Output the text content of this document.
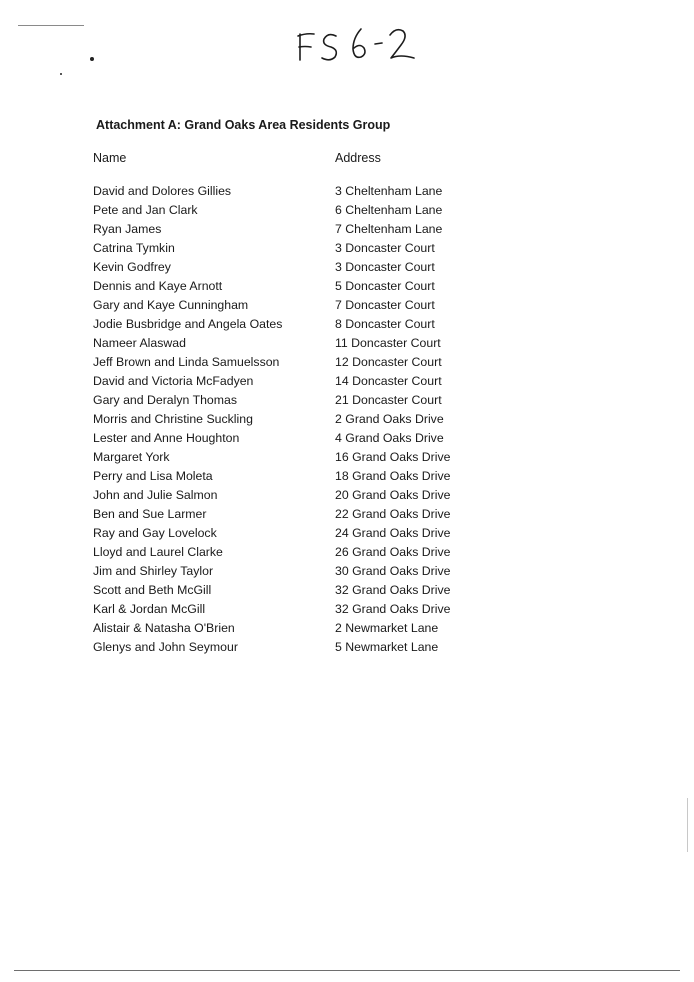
Attachment A: Grand Oaks Area Residents Group
Name	Address
David and Dolores Gillies	3 Cheltenham Lane
Pete and Jan Clark	6 Cheltenham Lane
Ryan James	7 Cheltenham Lane
Catrina Tymkin	3 Doncaster Court
Kevin Godfrey	3 Doncaster Court
Dennis and Kaye Arnott	5 Doncaster Court
Gary and Kaye Cunningham	7 Doncaster Court
Jodie Busbridge and Angela Oates	8 Doncaster Court
Nameer Alaswad	11 Doncaster Court
Jeff Brown and Linda Samuelsson	12 Doncaster Court
David and Victoria McFadyen	14 Doncaster Court
Gary and Deralyn Thomas	21 Doncaster Court
Morris and Christine Suckling	2 Grand Oaks Drive
Lester and Anne Houghton	4 Grand Oaks Drive
Margaret York	16 Grand Oaks Drive
Perry and Lisa Moleta	18 Grand Oaks Drive
John and Julie Salmon	20 Grand Oaks Drive
Ben and Sue Larmer	22 Grand Oaks Drive
Ray and Gay Lovelock	24 Grand Oaks Drive
Lloyd and Laurel Clarke	26 Grand Oaks Drive
Jim and Shirley Taylor	30 Grand Oaks Drive
Scott and Beth McGill	32 Grand Oaks Drive
Karl & Jordan McGill	32 Grand Oaks Drive
Alistair & Natasha O'Brien	2 Newmarket Lane
Glenys and John Seymour	5 Newmarket Lane
